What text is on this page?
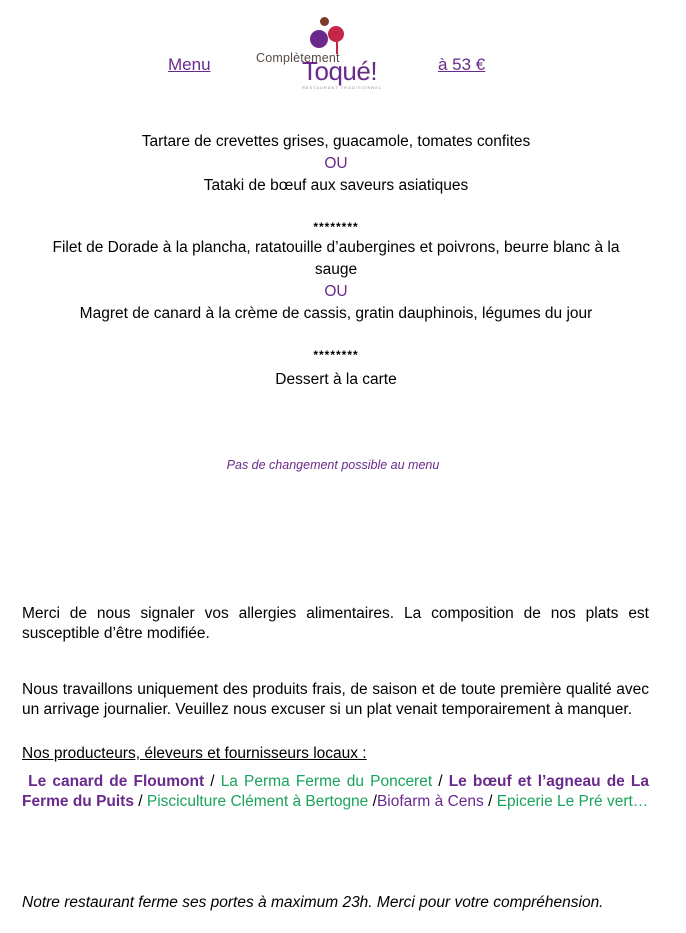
Menu	Complètement
Toqué!
RESTAURANT TRADITIONNEL
à 53 €
Tartare de crevettes grises, guacamole, tomates confites
OU
Tataki de bœuf aux saveurs asiatiques
********
Filet de Dorade à la plancha, ratatouille d’aubergines et poivrons, beurre blanc à la
sauge
OU
Magret de canard à la crème de cassis, gratin dauphinois, légumes du jour
********
Dessert à la carte
Pas de changement possible au menu
Merci de nous signaler vos allergies alimentaires. La composition de nos plats est susceptible d’être modifiée.
Nous travaillons uniquement des produits frais, de saison et de toute première qualité avec un arrivage journalier. Veuillez nous excuser si un plat venait temporairement à manquer.
Nos producteurs, éleveurs et fournisseurs locaux :
Le canard de Floumont / La Perma Ferme du Ponceret / Le bœuf et l’agneau de La Ferme du Puits / Pisciculture Clément à Bertogne /Biofarm à Cens / Epicerie Le Pré vert…
Notre restaurant ferme ses portes à maximum 23h. Merci pour votre compréhension.
